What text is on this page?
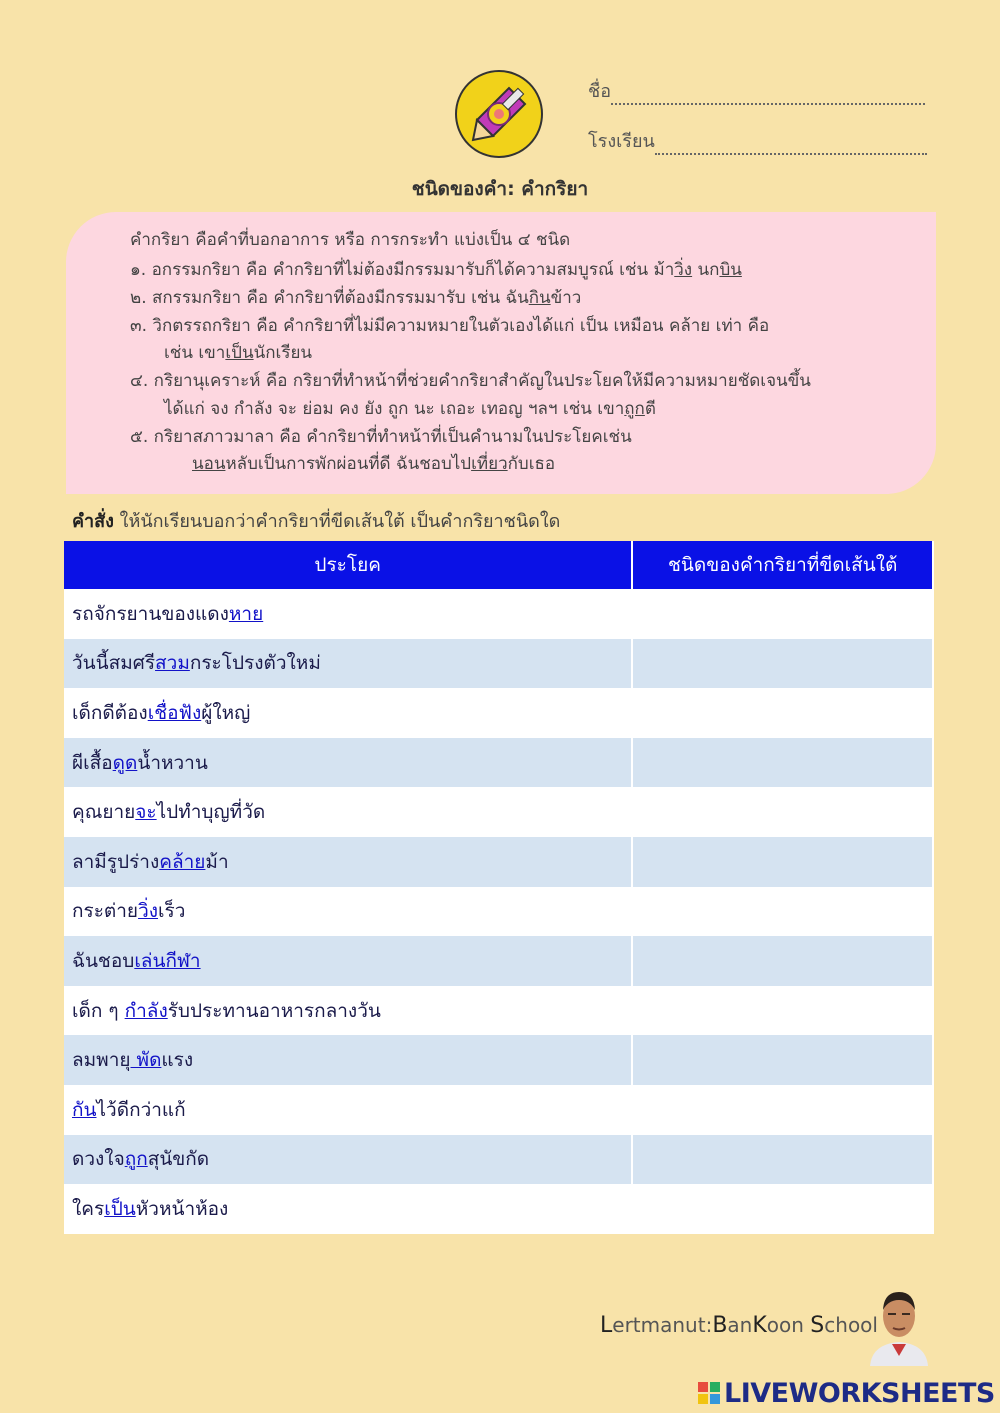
ชื่อ
โรงเรียน
ชนิดของคำ: คำกริยา
คำกริยา คือคำที่บอกอาการ หรือ การกระทำ แบ่งเป็น ๔ ชนิด
๑. อกรรมกริยา คือ คำกริยาที่ไม่ต้องมีกรรมมารับก็ได้ความสมบูรณ์ เช่น ม้าวิ่ง นกบิน
๒. สกรรมกริยา คือ คำกริยาที่ต้องมีกรรมมารับ เช่น ฉันกินข้าว
๓. วิกตรรถกริยา คือ คำกริยาที่ไม่มีความหมายในตัวเองได้แก่ เป็น เหมือน คล้าย เท่า คือ
เช่น เขาเป็นนักเรียน
๔. กริยานุเคราะห์ คือ กริยาที่ทำหน้าที่ช่วยคำกริยาสำคัญในประโยคให้มีความหมายชัดเจนขึ้น
ได้แก่ จง กำลัง จะ ย่อม คง ยัง ถูก นะ เถอะ เทอญ ฯลฯ เช่น เขาถูกตี
๕. กริยาสภาวมาลา คือ คำกริยาที่ทำหน้าที่เป็นคำนามในประโยคเช่น
นอนหลับเป็นการพักผ่อนที่ดี ฉันชอบไปเที่ยวกับเธอ
คำสั่ง ให้นักเรียนบอกว่าคำกริยาที่ขีดเส้นใต้ เป็นคำกริยาชนิดใด
ประโยค	ชนิดของคำกริยาที่ขีดเส้นใต้
รถจักรยานของแดงหาย	
วันนี้สมศรีสวมกระโปรงตัวใหม่	
เด็กดีต้องเชื่อฟังผู้ใหญ่	
ผีเสื้อดูดน้ำหวาน	
คุณยายจะไปทำบุญที่วัด	
ลามีรูปร่างคล้ายม้า	
กระต่ายวิ่งเร็ว	
ฉันชอบเล่นกีฬา	
เด็ก ๆ กำลังรับประทานอาหารกลางวัน	
ลมพายุ พัดแรง	
กันไว้ดีกว่าแก้	
ดวงใจถูกสุนัขกัด	
ใครเป็นหัวหน้าห้อง	
Lertmanut:BanKoon School
LIVEWORKSHEETS
